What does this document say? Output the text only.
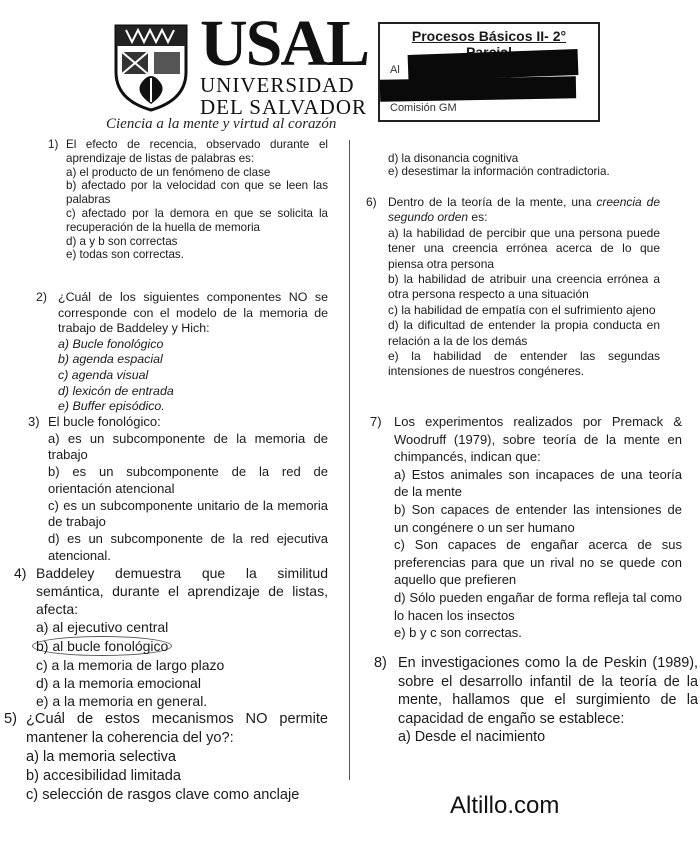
USAL
UNIVERSIDAD
DEL SALVADOR
Ciencia a la mente y virtud al corazón
Procesos Básicos II- 2°
Al
Comisión GM
1) El efecto de recencia, observado durante el aprendizaje de listas de palabras es:
a) el producto de un fenómeno de clase
b) afectado por la velocidad con que se leen las palabras
c) afectado por la demora en que se solicita la recuperación de la huella de memoria
d) a y b son correctas
e) todas son correctas.
2) ¿Cuál de los siguientes componentes NO se corresponde con el modelo de la memoria de trabajo de Baddeley y Hich:
a) Bucle fonológico
b) agenda espacial
c) agenda visual
d) lexicón de entrada
e) Buffer episódico.
3) El bucle fonológico:
a) es un subcomponente de la memoria de trabajo
b) es un subcomponente de la red de orientación atencional
c) es un subcomponente unitario de la memoria de trabajo
d) es un subcomponente de la red ejecutiva atencional.
4) Baddeley demuestra que la similitud semántica, durante el aprendizaje de listas, afecta:
a) al ejecutivo central
b) al bucle fonológico
c) a la memoria de largo plazo
d) a la memoria emocional
e) a la memoria en general.
5) ¿Cuál de estos mecanismos NO permite mantener la coherencia del yo?:
a) la memoria selectiva
b) accesibilidad limitada
c) selección de rasgos clave como anclaje
d) la disonancia cognitiva
e) desestimar la información contradictoria.
6) Dentro de la teoría de la mente, una creencia de segundo orden es:
a) la habilidad de percibir que una persona puede tener una creencia errónea acerca de lo que piensa otra persona
b) la habilidad de atribuir una creencia errónea a otra persona respecto a una situación
c) la habilidad de empatía con el sufrimiento ajeno
d) la dificultad de entender la propia conducta en relación a la de los demás
e) la habilidad de entender las segundas intensiones de nuestros congéneres.
7) Los experimentos realizados por Premack & Woodruff (1979), sobre teoría de la mente en chimpancés, indican que:
a) Estos animales son incapaces de una teoría de la mente
b) Son capaces de entender las intensiones de un congénere o un ser humano
c) Son capaces de engañar acerca de sus preferencias para que un rival no se quede con aquello que prefieren
d) Sólo pueden engañar de forma refleja tal como lo hacen los insectos
e) b y c son correctas.
8) En investigaciones como la de Peskin (1989), sobre el desarrollo infantil de la teoría de la mente, hallamos que el surgimiento de la capacidad de engaño se establece:
a) Desde el nacimiento
Altillo.com
